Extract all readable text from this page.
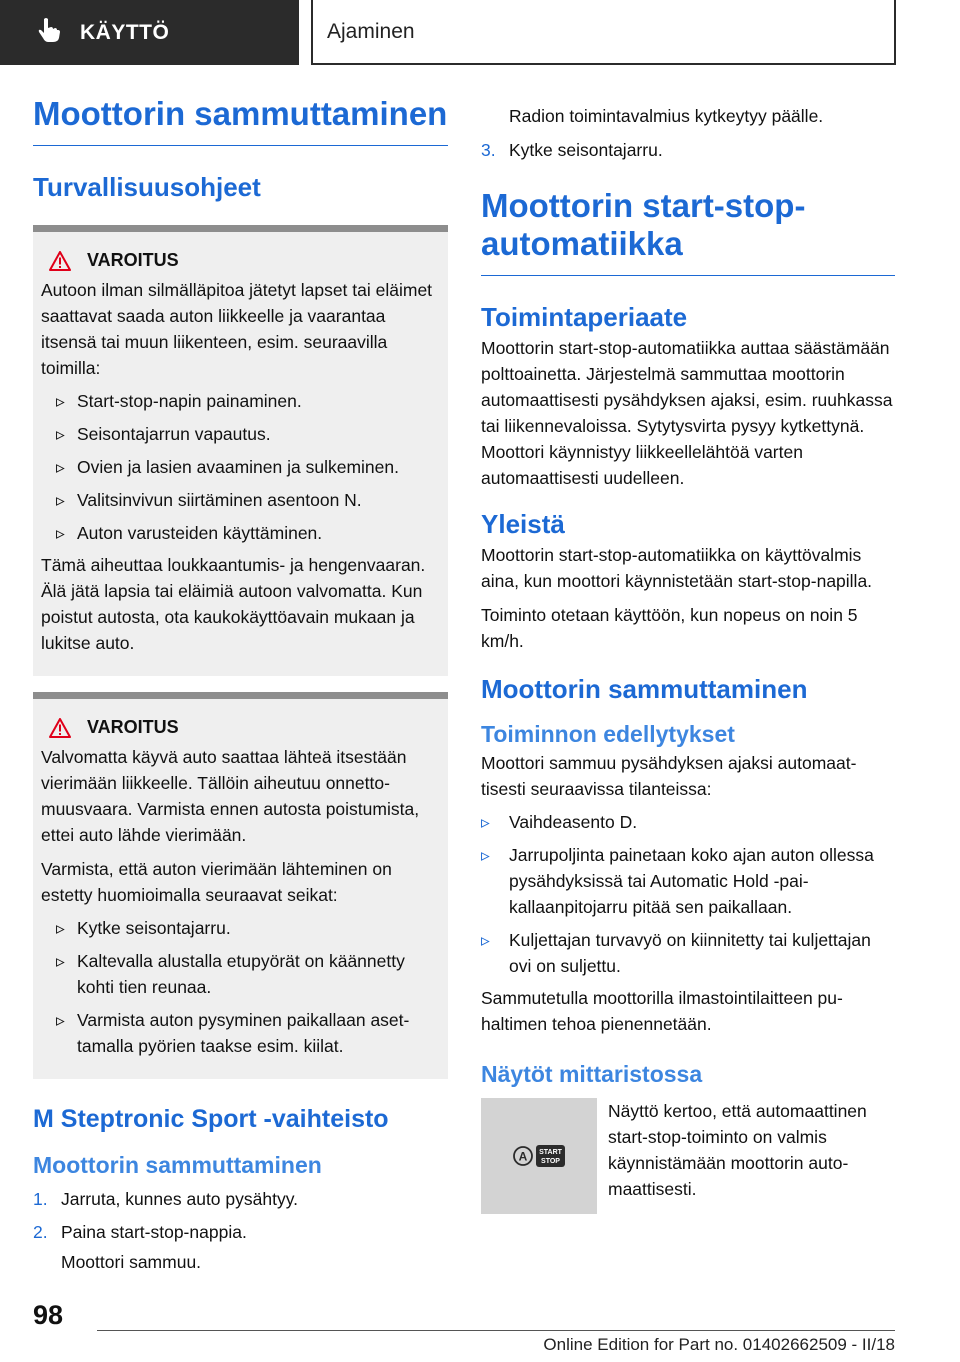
KÄYTTÖ	Ajaminen
Moottorin sammuttaminen
Turvallisuusohjeet
VAROITUS
Autoon ilman silmälläpitoa jätetyt lapset tai eläimet saattavat saada auton liikkeelle ja vaarantaa itsensä tai muun liikenteen, esim. seuraavilla toimilla:
▹ Start-stop-napin painaminen.
▹ Seisontajarrun vapautus.
▹ Ovien ja lasien avaaminen ja sulkeminen.
▹ Valitsinvivun siirtäminen asentoon N.
▹ Auton varusteiden käyttäminen.
Tämä aiheuttaa loukkaantumis- ja hengenvaaran. Älä jätä lapsia tai eläimiä autoon valvomatta. Kun poistut autosta, ota kaukokäyttöavain mukaan ja lukitse auto.
VAROITUS
Valvomatta käyvä auto saattaa lähteä itsestään vierimään liikkeelle. Tällöin aiheutuu onnettomuusvaara. Varmista ennen autosta poistumista, ettei auto lähde vierimään.
Varmista, että auton vierimään lähteminen on estetty huomioimalla seuraavat seikat:
▹ Kytke seisontajarru.
▹ Kaltevalla alustalla etupyörät on käännetty kohti tien reunaa.
▹ Varmista auton pysyminen paikallaan asettamalla pyörien taakse esim. kiilat.
M Steptronic Sport -vaihteisto
Moottorin sammuttaminen
1. Jarruta, kunnes auto pysähtyy.
2. Paina start-stop-nappia.
Moottori sammuu.
Radion toimintavalmius kytkeytyy päälle.
3. Kytke seisontajarru.
Moottorin start-stop-automatiikka
Toimintaperiaate
Moottorin start-stop-automatiikka auttaa säästämään polttoainetta. Järjestelmä sammuttaa moottorin automaattisesti pysähdyksen ajaksi, esim. ruuhkassa tai liikennevaloissa. Sytytysvirta pysyy kytkettynä. Moottori käynnistyy liikkeellelähtöä varten automaattisesti uudelleen.
Yleistä
Moottorin start-stop-automatiikka on käyttövalmis aina, kun moottori käynnistetään start-stop-napilla.
Toiminto otetaan käyttöön, kun nopeus on noin 5 km/h.
Moottorin sammuttaminen
Toiminnon edellytykset
Moottori sammuu pysähdyksen ajaksi automaattisesti seuraavissa tilanteissa:
▹	Vaihdeasento D.
▹	Jarrupoljinta painetaan koko ajan auton ollessa pysähdyksissä tai Automatic Hold -paikallaanpitojarru pitää sen paikallaan.
▹	Kuljettajan turvavyö on kiinnitetty tai kuljettajan ovi on suljettu.
Sammutetulla moottorilla ilmastointilaitteen puhaltimen tehoa pienennetään.
Näytöt mittaristossa
A START
STOP
Näyttö kertoo, että automaattinen start-stop-toiminto on valmis käynnistämään moottorin automaattisesti.
98
Online Edition for Part no. 01402662509 - II/18
